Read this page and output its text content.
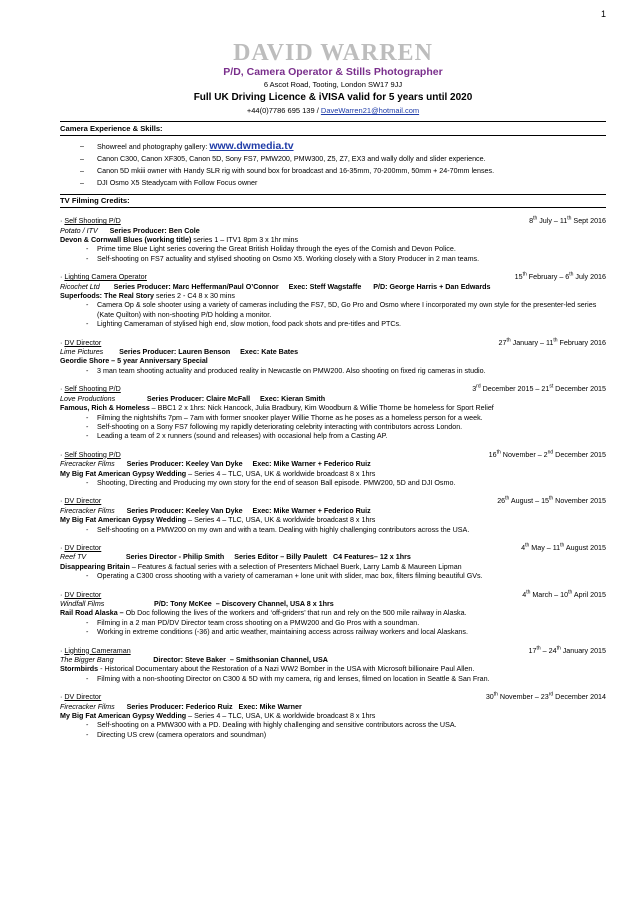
1
DAVID WARREN
P/D, Camera Operator & Stills Photographer
6 Ascot Road, Tooting, London SW17 9JJ
Full UK Driving Licence & iVISA valid for 5 years until 2020
+44(0)7786 695 139 / DaveWarren21@hotmail.com
Camera Experience & Skills:
– Showreel and photography gallery: www.dwmedia.tv
– Canon C300, Canon XF305, Canon 5D, Sony FS7, PMW200, PMW300, Z5, Z7, EX3 and wally dolly and slider experience.
– Canon 5D mkiii owner with Handy SLR rig with sound box for broadcast and 16-35mm, 70-200mm, 50mm + 24-70mm lenses.
– DJI Osmo X5 Steadycam with Follow Focus owner
TV Filming Credits:
· Self Shooting P/D	8th July – 11th Sept 2016
Potato / ITV Series Producer: Ben Cole
Devon & Cornwall Blues (working title) series 1 – ITV1 8pm 3 x 1hr mins
- Prime time Blue Light series covering the Great British Holiday through the eyes of the Cornish and Devon Police.
- Self-shooting on FS7 actuality and stylised shooting on Osmo X5. Working closely with a Story Producer in 2 man teams.
· Lighting Camera Operator	15th February – 6th July 2016
Ricochet Ltd Series Producer: Marc Hefferman/Paul O’Connor     Exec: Steff Wagstaffe      P/D: George Harris + Dan Edwards
Superfoods: The Real Story series 2 - C4 8 x 30 mins
- Camera Op & sole shooter using a variety of cameras including the FS7, 5D, Go Pro and Osmo where I incorporated my own style for the presenter-led series (Kate Quilton) with non-shooting P/D holding a monitor.
- Lighting Cameraman of stylised high end, slow motion, food pack shots and pre-titles and PTCs.
· DV Director	27th January – 11th February 2016
Lime Pictures Series Producer: Lauren Benson     Exec: Kate Bates
Geordie Shore – 5 year Anniversary Special
- 3 man team shooting actuality and produced reality in Newcastle on PMW200. Also shooting on fixed rig cameras in studio.
· Self Shooting P/D	3rd December 2015 – 21st December 2015
Love Productions Series Producer: Claire McFall     Exec: Kieran Smith
Famous, Rich & Homeless – BBC1 2 x 1hrs: Nick Hancock, Julia Bradbury, Kim Woodburn & Willie Thorne be homeless for Sport Relief
- Filming the nightshifts 7pm – 7am with former snooker player Willie Thorne as he poses as a homeless person for a week.
- Self-shooting on a Sony FS7 following my rapidly deteriorating celebrity interacting with contributors across London.
- Leading a team of 2 x runners (sound and releases) with occasional help from a Casting AP.
· Self Shooting P/D	16th November – 2nd December 2015
Firecracker Films Series Producer: Keeley Van Dyke     Exec: Mike Warner + Federico Ruiz
My Big Fat American Gypsy Wedding – Series 4 – TLC, USA, UK & worldwide broadcast 8 x 1hrs
- Shooting, Directing and Producing my own story for the end of season Ball episode. PMW200, 5D and DJI Osmo.
· DV Director	26th August – 15th November 2015
Firecracker Films Series Producer: Keeley Van Dyke     Exec: Mike Warner + Federico Ruiz
My Big Fat American Gypsy Wedding – Series 4 – TLC, USA, UK & worldwide broadcast 8 x 1hrs
- Self-shooting on a PMW200 on my own and with a team. Dealing with highly challenging contributors across the USA.
· DV Director	4th May – 11th August 2015
Reef TV Series Director - Philip Smith     Series Editor – Billy Paulett   C4 Features– 12 x 1hrs
Disappearing Britain – Features & factual series with a selection of Presenters Michael Buerk, Larry Lamb & Maureen Lipman
- Operating a C300 cross shooting with a variety of cameraman + lone unit with slider, mac box, filters filming beautiful GVs.
· DV Director	4th March – 10th April 2015
Windfall Films P/D: Tony McKee  – Discovery Channel, USA 8 x 1hrs
Rail Road Alaska – Ob Doc following the lives of the workers and ‘off-griders’ that run and rely on the 500 mile railway in Alaska.
- Filming in a 2 man PD/DV Director team cross shooting on a PMW200 and Go Pros with a soundman.
- Working in extreme conditions (-36) and artic weather, maintaining access across railway workers and local Alaskans.
· Lighting Cameraman	17th – 24th January 2015
The Bigger Bang Director: Steve Baker  – Smithsonian Channel, USA
Stormbirds - Historical Documentary about the Restoration of a Nazi WW2 Bomber in the USA with Microsoft billionaire Paul Allen.
- Filming with a non-shooting Director on C300 & 5D with my camera, rig and lenses, filmed on location in Seattle & San Fran.
· DV Director	30th November – 23rd December 2014
Firecracker Films Series Producer: Federico Ruiz   Exec: Mike Warner
My Big Fat American Gypsy Wedding – Series 4 – TLC, USA, UK & worldwide broadcast 8 x 1hrs
- Self-shooting on a PMW300 with a PD. Dealing with highly challenging and sensitive contributors across the USA.
- Directing US crew (camera operators and soundman)
